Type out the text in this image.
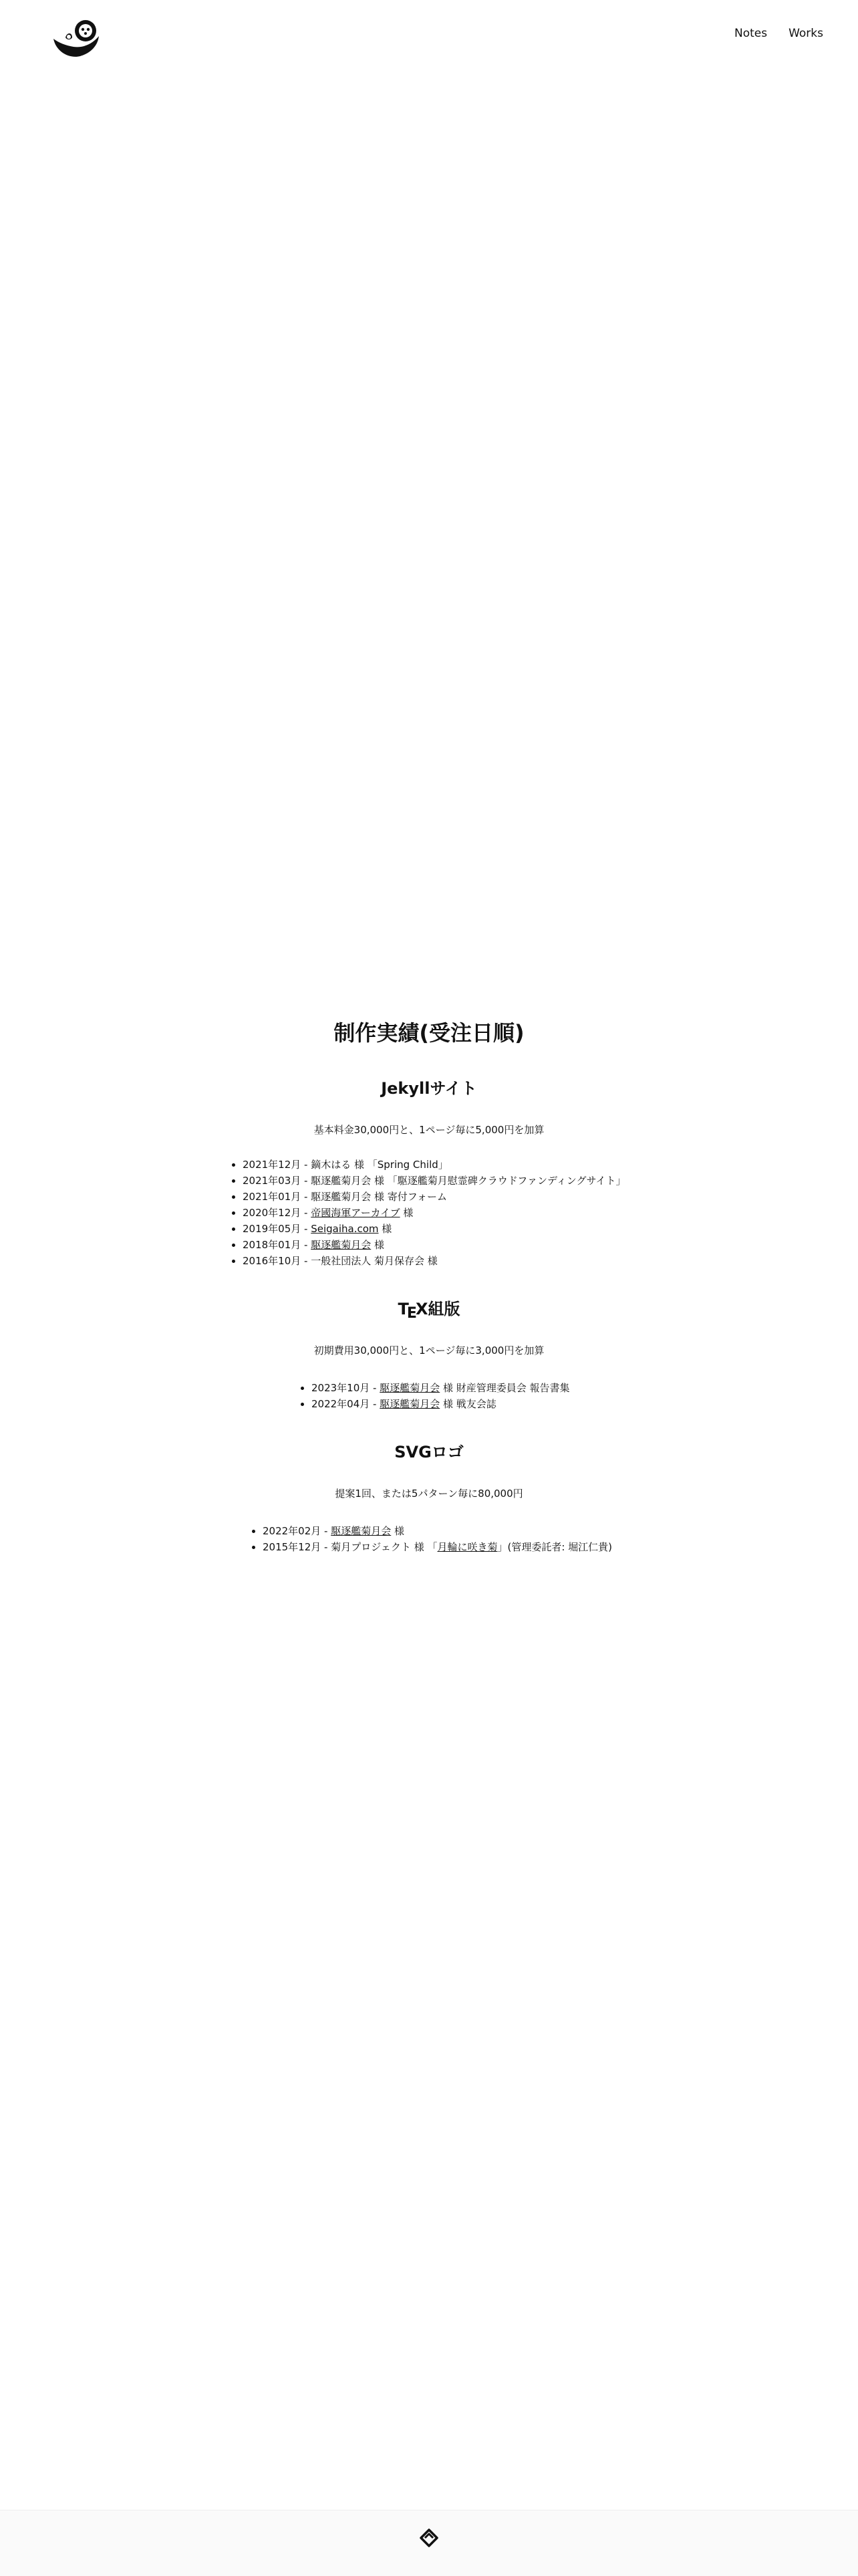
Notes Works
制作実績(受注日順)
Jekyllサイト

基本料金30,000円と、1ページ毎に5,000円を加算

• 2021年12月 - 鏑木はる 様 「Spring Child」
• 2021年03月 - 駆逐艦菊月会 様 「駆逐艦菊月慰霊碑クラウドファンディングサイト」
• 2021年01月 - 駆逐艦菊月会 様 寄付フォーム
• 2020年12月 - 帝國海軍アーカイブ 様
• 2019年05月 - Seigaiha.com 様
• 2018年01月 - 駆逐艦菊月会 様
• 2016年10月 - 一般社団法人 菊月保存会 様
TEX組版

初期費用30,000円と、1ページ毎に3,000円を加算

• 2023年10月 - 駆逐艦菊月会 様 財産管理委員会 報告書集
• 2022年04月 - 駆逐艦菊月会 様 戦友会誌
SVGロゴ

提案1回、または5パターン毎に80,000円

• 2022年02月 - 駆逐艦菊月会 様
• 2015年12月 - 菊月プロジェクト 様 「月輪に咲き菊」(管理委託者: 堀江仁貴)
